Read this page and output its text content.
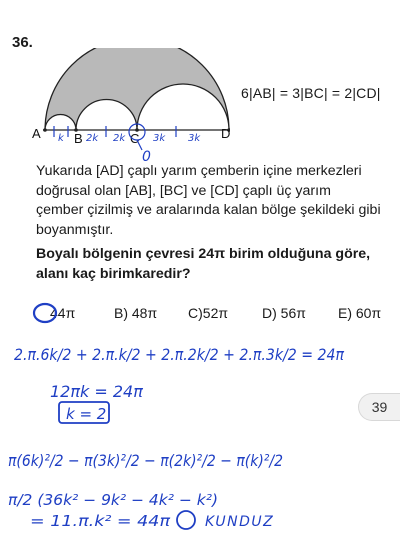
36.
A	B	C	D
k 2k 2k	3k 3k
0
6|AB| = 3|BC| = 2|CD|
Yukarıda [AD] çaplı yarım çemberin içine merkezleri doğrusal olan [AB], [BC] ve [CD] çaplı üç yarım çember çizilmiş ve aralarında kalan bölge şekildeki gibi boyanmıştır.
Boyalı bölgenin çevresi 24π birim olduğuna göre, alanı kaç birimkaredir?
44π	B) 48π C)52π D) 56π E) 60π
39
2.π.6k/2 + 2.π.k/2 + 2.π.2k/2 + 2.π.3k/2 = 24π
12πk = 24π
k = 2
π(6k)²/2 − π(3k)²/2 − π(2k)²/2 − π(k)²/2
π/2 (36k² − 9k² − 4k² − k²)
= 11.π.k² = 44π KUNDUZ
